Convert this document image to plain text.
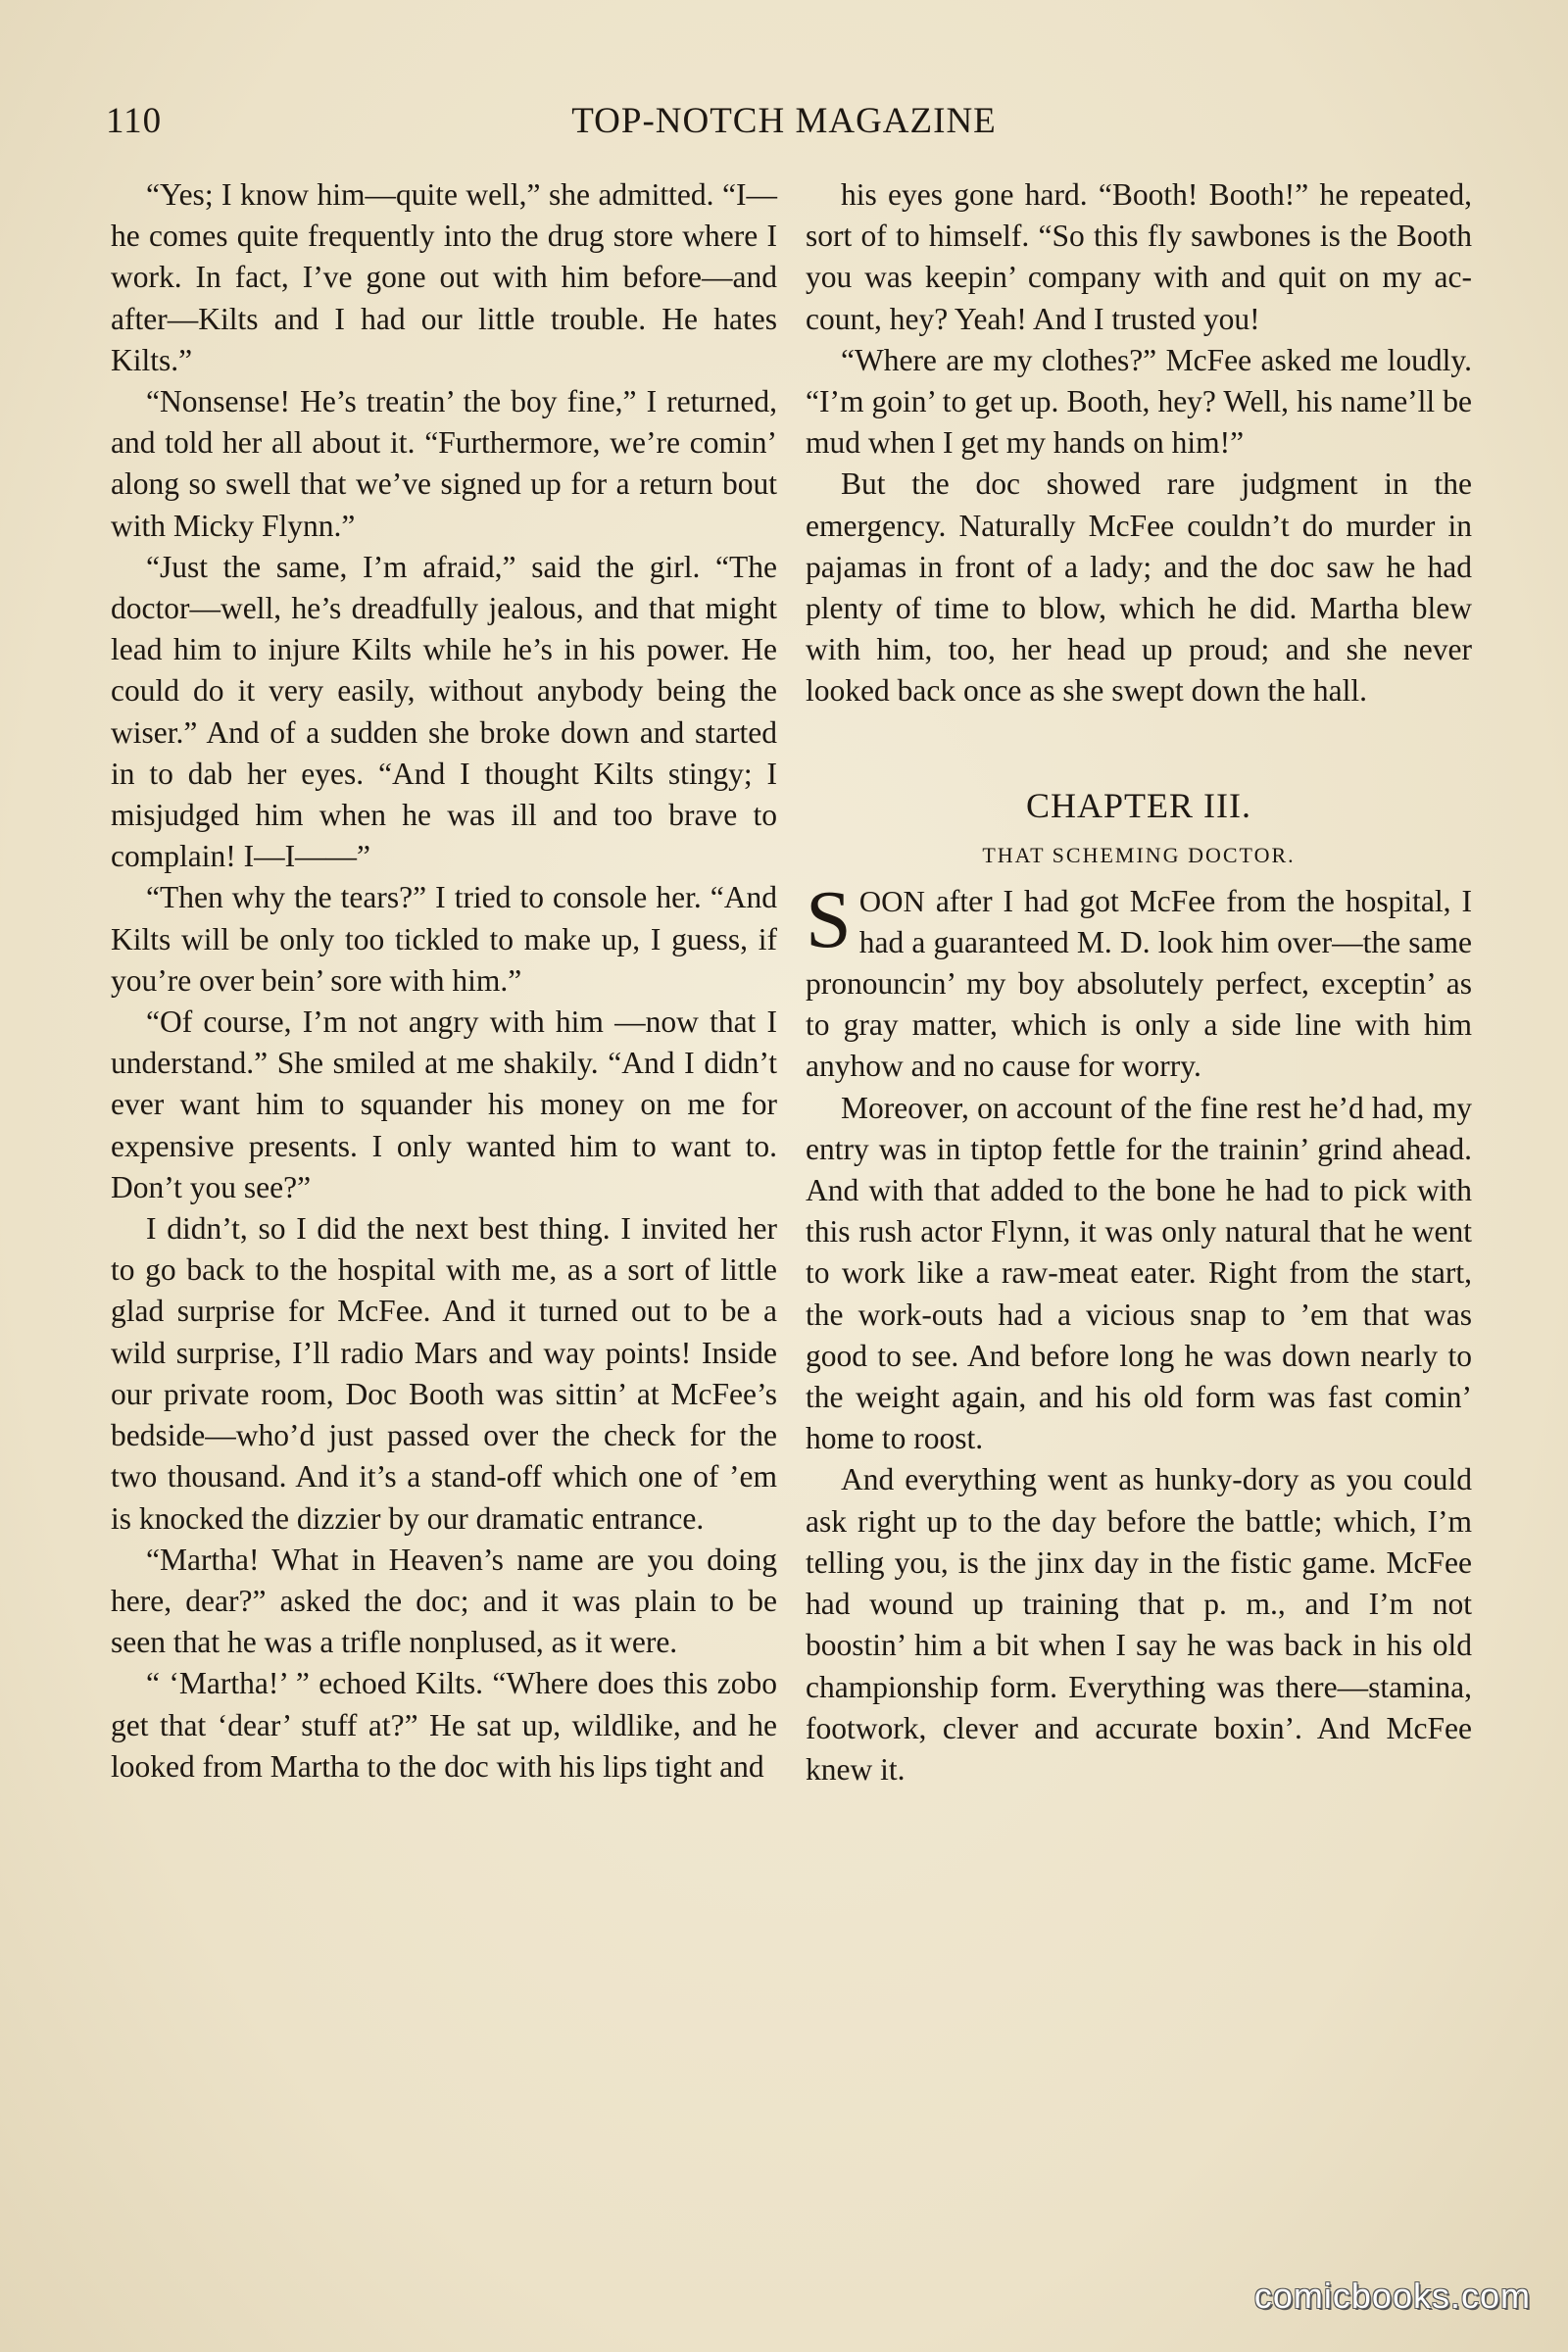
110	TOP-NOTCH MAGAZINE

“Yes; I know him—quite well,” she admitted. “I—he comes quite frequently into the drug store where I work. In fact, I’ve gone out with him before—and after—Kilts and I had our little trouble. He hates Kilts.”

“Nonsense! He’s treatin’ the boy fine,” I returned, and told her all about it. “Furthermore, we’re comin’ along so swell that we’ve signed up for a return bout with Micky Flynn.”

“Just the same, I’m afraid,” said the girl. “The doctor—well, he’s dreadfully jealous, and that might lead him to injure Kilts while he’s in his power. He could do it very easily, without anybody being the wiser.” And of a sudden she broke down and started in to dab her eyes. “And I thought Kilts stingy; I misjudged him when he was ill and too brave to complain! I—I——”

“Then why the tears?” I tried to console her. “And Kilts will be only too tickled to make up, I guess, if you’re over bein’ sore with him.”

“Of course, I’m not angry with him —now that I understand.” She smiled at me shakily. “And I didn’t ever want him to squander his money on me for expensive presents. I only wanted him to want to. Don’t you see?”

I didn’t, so I did the next best thing. I invited her to go back to the hospital with me, as a sort of little glad surprise for McFee. And it turned out to be a wild surprise, I’ll radio Mars and way points! Inside our private room, Doc Booth was sittin’ at McFee’s bedside—who’d just passed over the check for the two thousand. And it’s a stand-off which one of ’em is knocked the dizzier by our dramatic entrance.

“Martha! What in Heaven’s name are you doing here, dear?” asked the doc; and it was plain to be seen that he was a trifle nonplused, as it were.

“ ‘Martha!’ ” echoed Kilts. “Where does this zobo get that ‘dear’ stuff at?” He sat up, wildlike, and he looked from Martha to the doc with his lips tight and

his eyes gone hard. “Booth! Booth!” he repeated, sort of to himself. “So this fly sawbones is the Booth you was keepin’ company with and quit on my account, hey? Yeah! And I trusted you!

“Where are my clothes?” McFee asked me loudly. “I’m goin’ to get up. Booth, hey? Well, his name’ll be mud when I get my hands on him!”

But the doc showed rare judgment in the emergency. Naturally McFee couldn’t do murder in pajamas in front of a lady; and the doc saw he had plenty of time to blow, which he did. Martha blew with him, too, her head up proud; and she never looked back once as she swept down the hall.

CHAPTER III.
THAT SCHEMING DOCTOR.

SOON after I had got McFee from the hospital, I had a guaranteed M. D. look him over—the same pronouncin’ my boy absolutely perfect, exceptin’ as to gray matter, which is only a side line with him anyhow and no cause for worry.

Moreover, on account of the fine rest he’d had, my entry was in tiptop fettle for the trainin’ grind ahead. And with that added to the bone he had to pick with this rush actor Flynn, it was only natural that he went to work like a raw-meat eater. Right from the start, the work-outs had a vicious snap to ’em that was good to see. And before long he was down nearly to the weight again, and his old form was fast comin’ home to roost.

And everything went as hunky-dory as you could ask right up to the day before the battle; which, I’m telling you, is the jinx day in the fistic game. McFee had wound up training that p. m., and I’m not boostin’ him a bit when I say he was back in his old championship form. Everything was there—stamina, footwork, clever and accurate boxin’. And McFee knew it.

comicbooks.com
